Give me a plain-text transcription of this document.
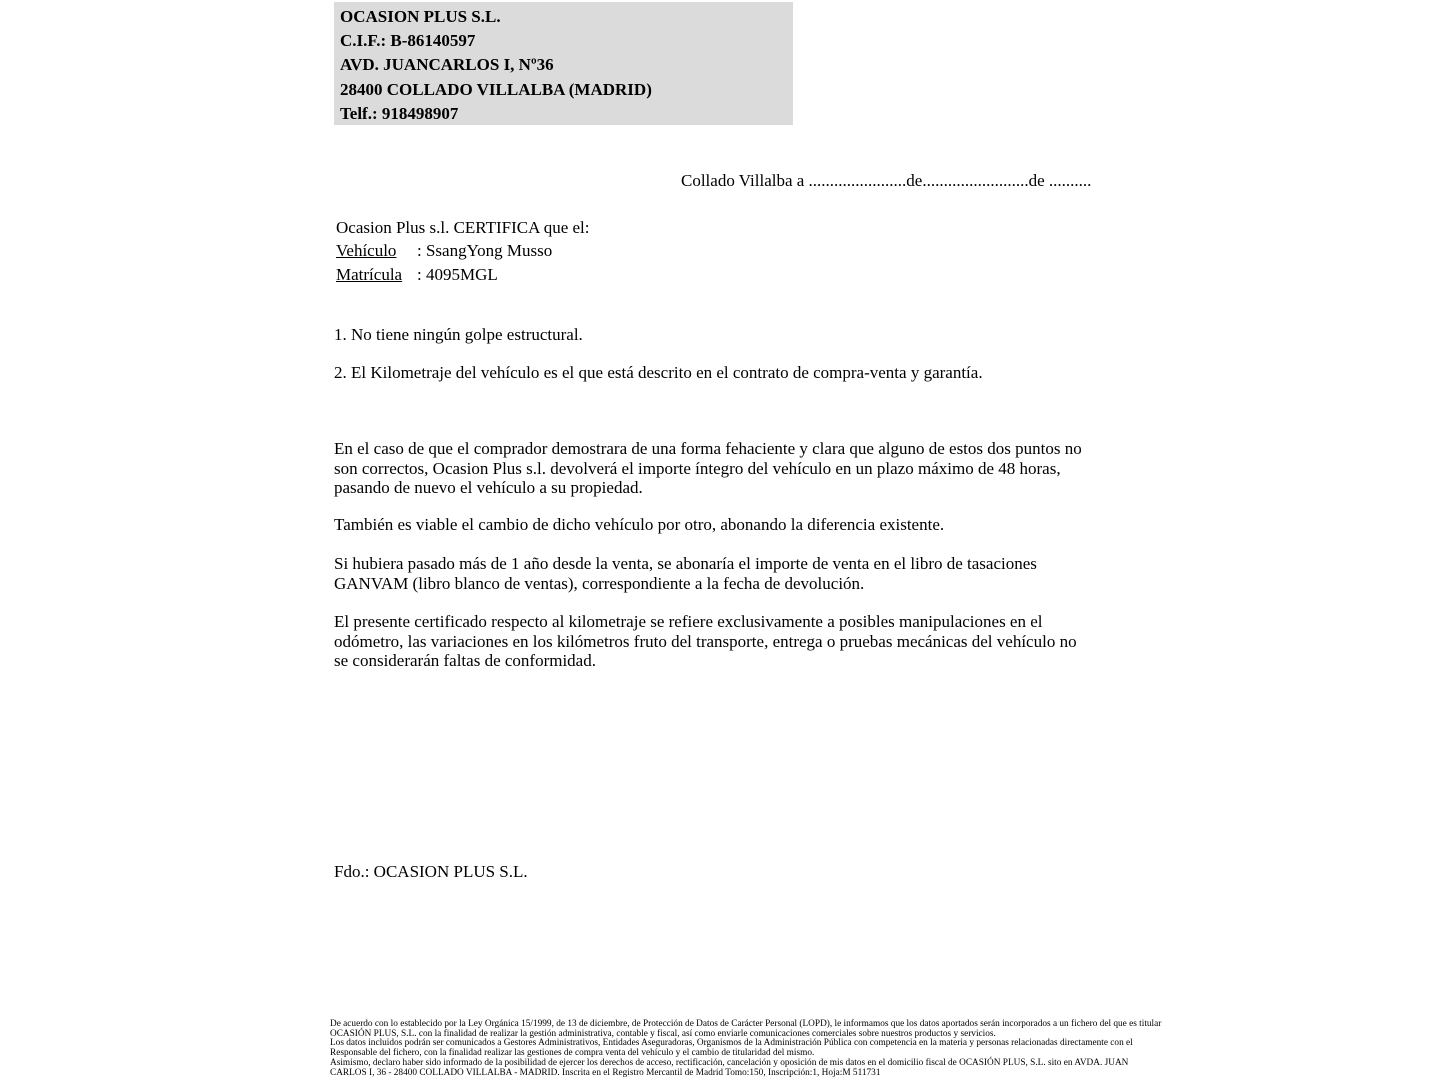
OCASION PLUS S.L.
C.I.F.: B-86140597
AVD. JUANCARLOS I, Nº36
28400 COLLADO VILLALBA (MADRID)
Telf.: 918498907
Collado Villalba a .......................de.........................de ..........
Ocasion Plus s.l. CERTIFICA que el:
Vehículo : SsangYong Musso
Matrícula : 4095MGL
1. No tiene ningún golpe estructural.
2. El Kilometraje del vehículo es el que está descrito en el contrato de compra-venta y garantía.
En el caso de que el comprador demostrara de una forma fehaciente y clara que alguno de estos dos puntos no
son correctos, Ocasion Plus s.l. devolverá el importe íntegro del vehículo en un plazo máximo de 48 horas,
pasando de nuevo el vehículo a su propiedad.
También es viable el cambio de dicho vehículo por otro, abonando la diferencia existente.
Si hubiera pasado más de 1 año desde la venta, se abonaría el importe de venta en el libro de tasaciones
GANVAM (libro blanco de ventas), correspondiente a la fecha de devolución.
El presente certificado respecto al kilometraje se refiere exclusivamente a posibles manipulaciones en el
odómetro, las variaciones en los kilómetros fruto del transporte, entrega o pruebas mecánicas del vehículo no
se considerarán faltas de conformidad.
Fdo.: OCASION PLUS S.L.
De acuerdo con lo establecido por la Ley Orgánica 15/1999, de 13 de diciembre, de Protección de Datos de Carácter Personal (LOPD), le informamos que los datos aportados serán incorporados a un fichero del que es titular
OCASIÓN PLUS, S.L. con la finalidad de realizar la gestión administrativa, contable y fiscal, así como enviarle comunicaciones comerciales sobre nuestros productos y servicios.
Los datos incluidos podrán ser comunicados a Gestores Administrativos, Entidades Aseguradoras, Organismos de la Administración Pública con competencia en la materia y personas relacionadas directamente con el
Responsable del fichero, con la finalidad realizar las gestiones de compra venta del vehículo y el cambio de titularidad del mismo.
Asimismo, declaro haber sido informado de la posibilidad de ejercer los derechos de acceso, rectificación, cancelación y oposición de mis datos en el domicilio fiscal de OCASIÓN PLUS, S.L. sito en AVDA. JUAN
CARLOS I, 36 - 28400 COLLADO VILLALBA - MADRID. Inscrita en el Registro Mercantil de Madrid Tomo:150, Inscripción:1, Hoja:M 511731
